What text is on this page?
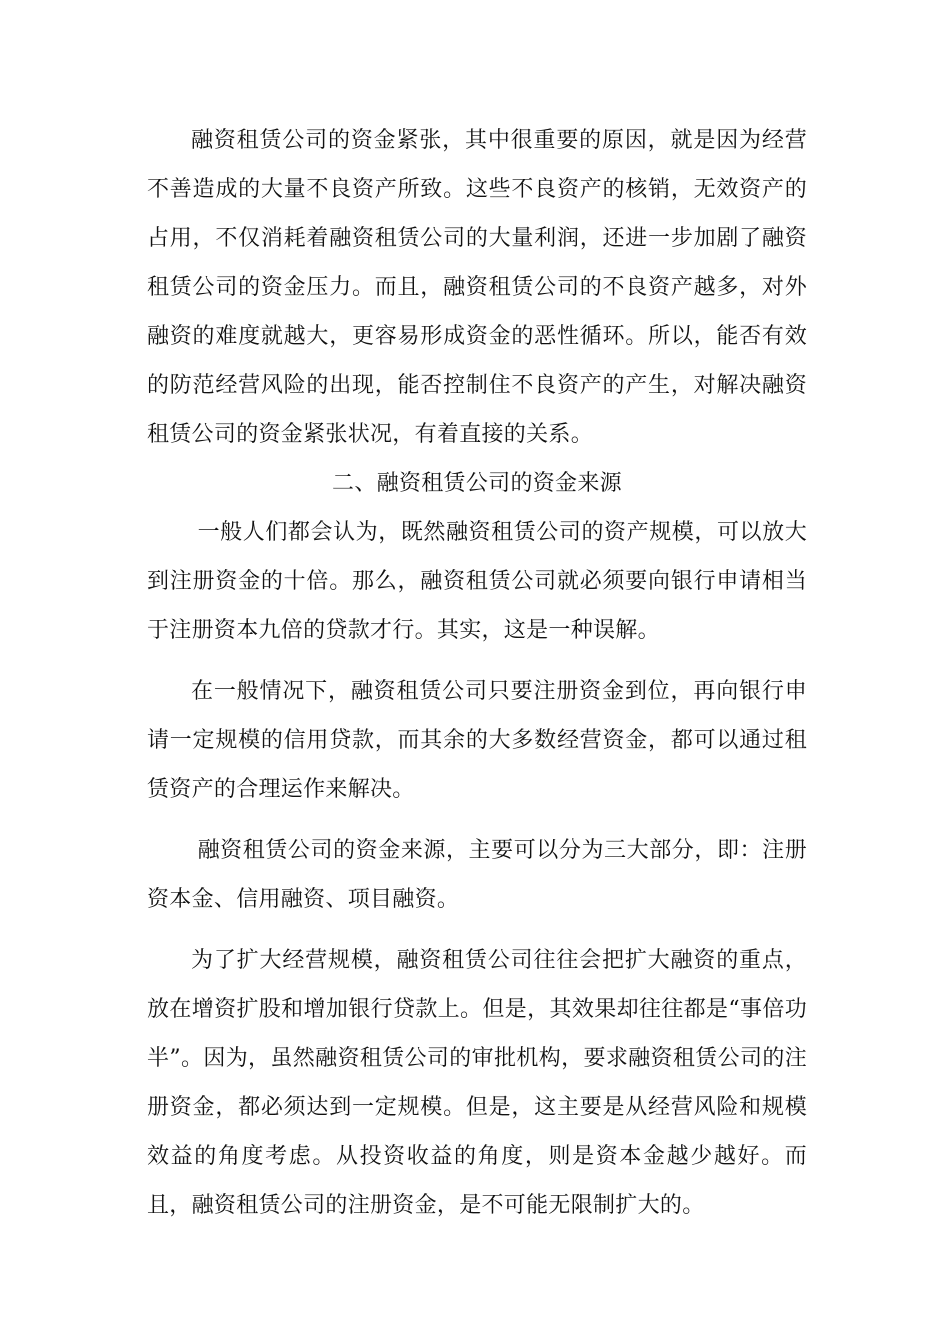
融资租赁公司的资金紧张，其中很重要的原因，就是因为经营不善造成的大量不良资产所致。这些不良资产的核销，无效资产的占用，不仅消耗着融资租赁公司的大量利润，还进一步加剧了融资租赁公司的资金压力。而且，融资租赁公司的不良资产越多，对外融资的难度就越大，更容易形成资金的恶性循环。所以，能否有效的防范经营风险的出现，能否控制住不良资产的产生，对解决融资租赁公司的资金紧张状况，有着直接的关系。

二、融资租赁公司的资金来源

一般人们都会认为，既然融资租赁公司的资产规模，可以放大到注册资金的十倍。那么，融资租赁公司就必须要向银行申请相当于注册资本九倍的贷款才行。其实，这是一种误解。

在一般情况下，融资租赁公司只要注册资金到位，再向银行申请一定规模的信用贷款，而其余的大多数经营资金，都可以通过租赁资产的合理运作来解决。

融资租赁公司的资金来源，主要可以分为三大部分，即：注册资本金、信用融资、项目融资。

为了扩大经营规模，融资租赁公司往往会把扩大融资的重点，放在增资扩股和增加银行贷款上。但是，其效果却往往都是“事倍功半”。因为，虽然融资租赁公司的审批机构，要求融资租赁公司的注册资金，都必须达到一定规模。但是，这主要是从经营风险和规模效益的角度考虑。从投资收益的角度，则是资本金越少越好。而且，融资租赁公司的注册资金，是不可能无限制扩大的。
